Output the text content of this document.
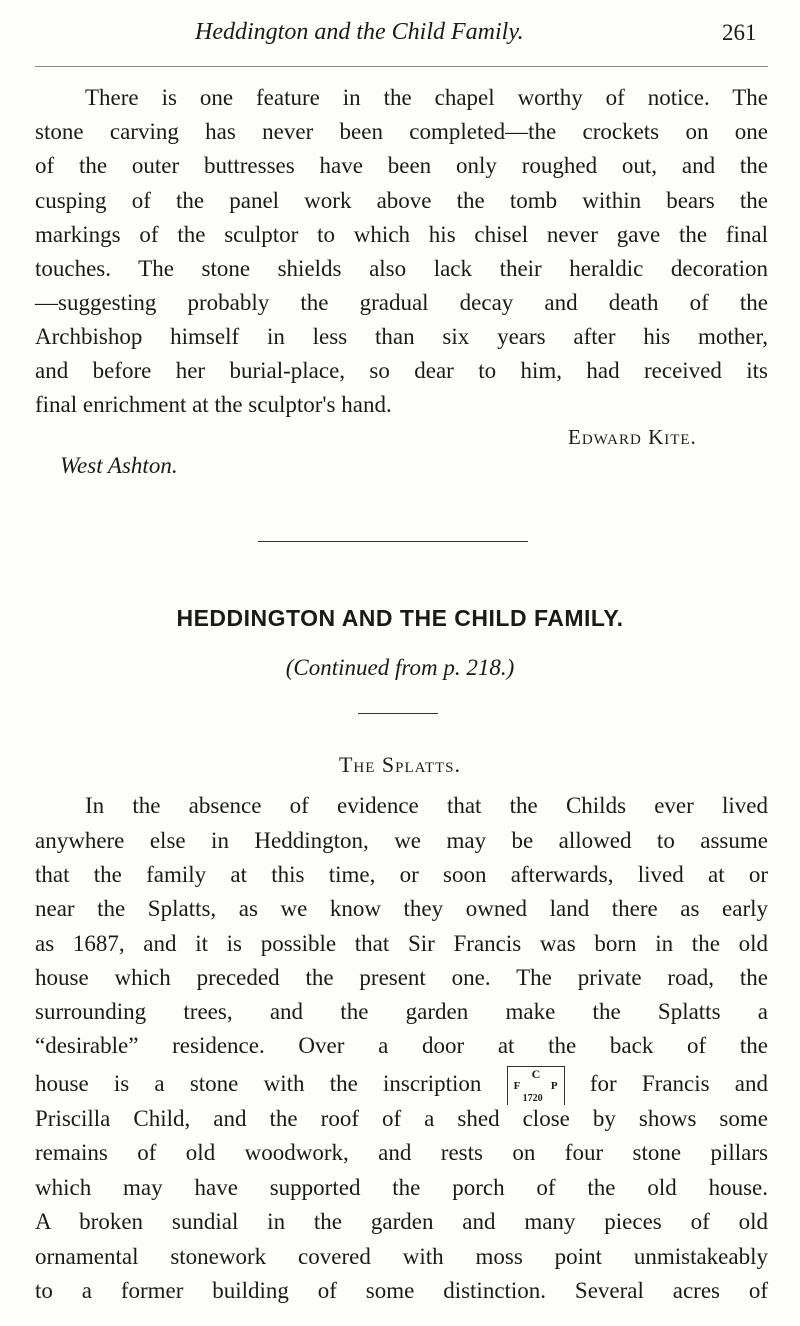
Heddington and the Child Family.	261
There is one feature in the chapel worthy of notice. The
stone carving has never been completed—the crockets on one
of the outer buttresses have been only roughed out, and the
cusping of the panel work above the tomb within bears the
markings of the sculptor to which his chisel never gave the final
touches. The stone shields also lack their heraldic decoration
—suggesting probably the gradual decay and death of the
Archbishop himself in less than six years after his mother,
and before her burial-place, so dear to him, had received its
final enrichment at the sculptor's hand.
Edward Kite.
West Ashton.
HEDDINGTON AND THE CHILD FAMILY.
(Continued from p. 218.)
The Splatts.
In the absence of evidence that the Childs ever lived
anywhere else in Heddington, we may be allowed to assume
that the family at this time, or soon afterwards, lived at or
near the Splatts, as we know they owned land there as early
as 1687, and it is possible that Sir Francis was born in the old
house which preceded the present one. The private road, the
surrounding trees, and the garden make the Splatts a
“desirable” residence. Over a door at the back of the
Priscilla Child, and the roof of a shed close by shows some
remains of old woodwork, and rests on four stone pillars
which may have supported the porch of the old house.
A broken sundial in the garden and many pieces of old
ornamental stonework covered with moss point unmistakeably
to a former building of some distinction. Several acres of
house is a stone with the inscription	C
F	P
1720
for Francis and
